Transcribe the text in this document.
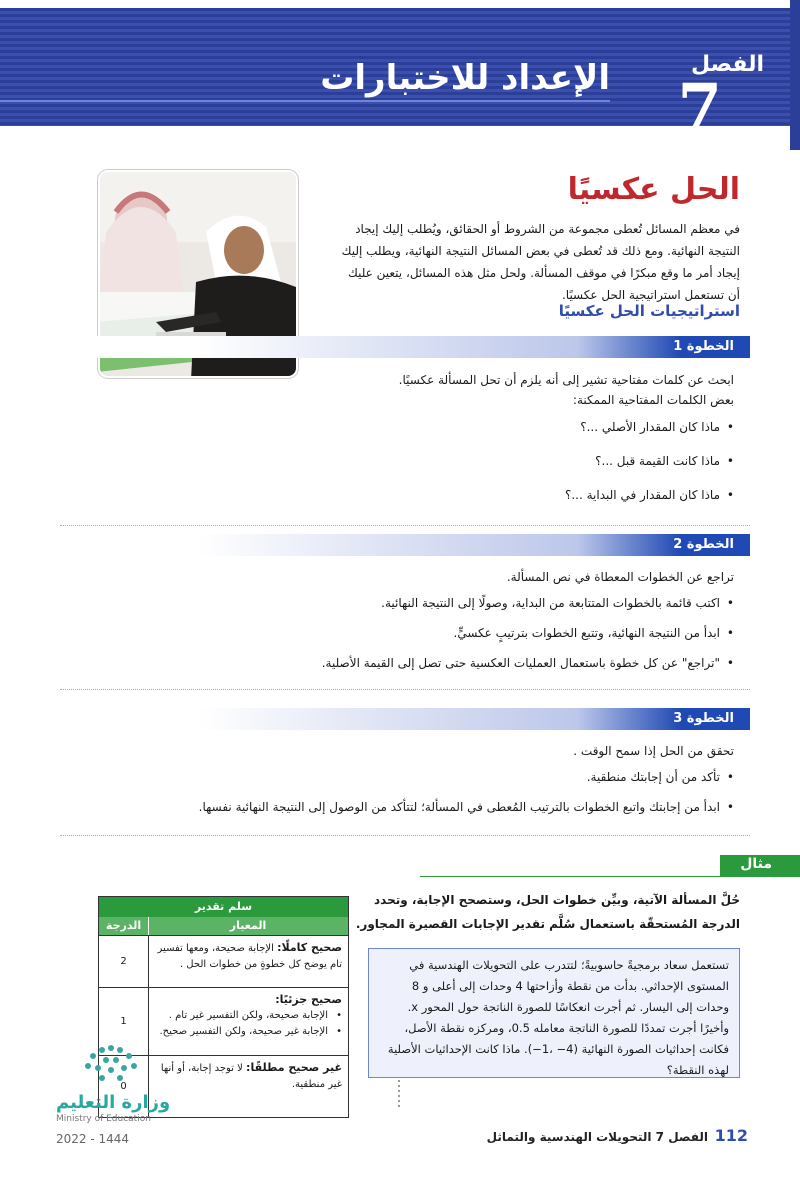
الإعداد للاختبارات	الفصل
7
الحل عكسيًا

في معظم المسائل تُعطى مجموعة من الشروط أو الحقائق، ويُطلب إليك إيجاد النتيجة النهائية. ومع ذلك قد تُعطى في بعض المسائل النتيجة النهائية، ويطلب إليك إيجاد أمر ما وقع مبكرًا في موقف المسألة. ولحل مثل هذه المسائل، يتعين عليك أن تستعمل استراتيجية الحل عكسيًا.

استراتيجيات الحل عكسيًا
الخطوة 1
ابحث عن كلمات مفتاحية تشير إلى أنه يلزم أن تحل المسألة عكسيًا.
بعض الكلمات المفتاحية الممكنة:
• ماذا كان المقدار الأصلي ...؟
• ماذا كانت القيمة قبل ...؟
• ماذا كان المقدار في البداية ...؟
الخطوة 2
تراجع عن الخطوات المعطاة في نص المسألة.
• اكتب قائمة بالخطوات المتتابعة من البداية، وصولًا إلى النتيجة النهائية.
• ابدأ من النتيجة النهائية، وتتبع الخطوات بترتيبٍ عكسيٍّ.
• "تراجع" عن كل خطوة باستعمال العمليات العكسية حتى تصل إلى القيمة الأصلية.
الخطوة 3
تحقق من الحل إذا سمح الوقت .
• تأكد من أن إجابتك منطقية.
• ابدأ من إجابتك واتبع الخطوات بالترتيب المُعطى في المسألة؛ لتتأكد من الوصول إلى النتيجة النهائية نفسها.
مثال

حُلَّ المسألة الآتية، وبيِّن خطوات الحل، وستصحح الإجابة، وتحدد الدرجة المُستحقّة باستعمال سُلَّم تقدير الإجابات القصيرة المجاور.

تستعمل سعاد برمجيةً حاسوبيةً؛ لتتدرب على التحويلات الهندسية في المستوى الإحداثي. بدأت من نقطة وأزاحتها 4 وحدات إلى أعلى و 8 وحدات إلى اليسار. ثم أجرت انعكاسًا للصورة الناتجة حول المحور x. وأخيرًا أجرت تمددًا للصورة الناتجة معامله 0.5، ومركزه نقطة الأصل، فكانت إحداثيات الصورة النهائية (4− ،1−). ماذا كانت الإحداثيات الأصلية لهذه النقطة؟

سلم تقدير
المعيار
الدرجة
صحيح كاملًا: الإجابة صحيحة، ومعها تفسير تام يوضح كل خطوةٍ من خطوات الحل .
2
صحيح جزئيًا:
• الإجابة صحيحة، ولكن التفسير غير تام .
• الإجابة غير صحيحة، ولكن التفسير صحيح.
1
غير صحيح مطلقًا: لا توجد إجابة، أو أنها غير منطقية.
0
وزارة التعليم
Ministry of Education
2022 - 1444	112
الفصل 7 التحويلات الهندسية والتماثل
